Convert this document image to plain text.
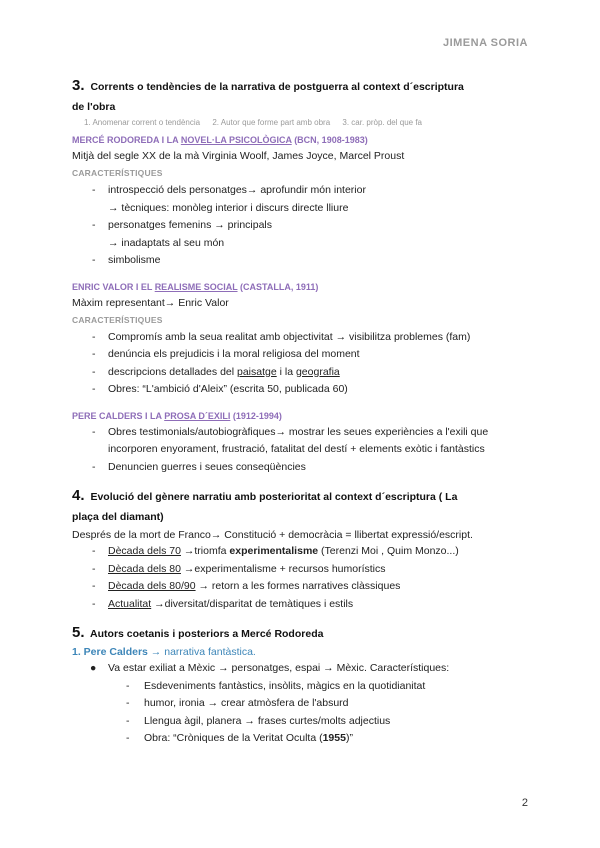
JIMENA SORIA

3. Corrents o tendències de la narrativa de postguerra al context d´escriptura

de l'obra

1. Anomenar corrent o tendència 2. Autor que forme part amb obra 3. car. pròp. del que fa

MERCÉ RODOREDA I LA NOVEL·LA PSICOLÒGICA (BCN, 1908-1983)

Mitjà del segle XX de la mà Virginia Woolf, James Joyce, Marcel Proust

CARACTERÍSTIQUES

- introspecció dels personatges→ aprofundir món interior
→ tècniques: monòleg interior i discurs directe lliure
- personatges femenins → principals
→ inadaptats al seu món
- simbolisme

ENRIC VALOR I EL REALISME SOCIAL (CASTALLA, 1911)

Màxim representant→ Enric Valor

CARACTERÍSTIQUES

- Compromís amb la seua realitat amb objectivitat → visibilitza problemes (fam)
- denúncia els prejudicis i la moral religiosa del moment
- descripcions detallades del paisatge i la geografia
- Obres: “L'ambició d'Aleix” (escrita 50, publicada 60)

PERE CALDERS I LA PROSA D´EXILI (1912-1994)

- Obres testimonials/autobiogràfiques→ mostrar les seues experiències a l'exili que
incorporen enyorament, frustració, fatalitat del destí + elements exòtic i fantàstics
- Denuncien guerres i seues conseqüències

4. Evolució del gènere narratiu amb posterioritat al context d´escriptura ( La

plaça del diamant)

Després de la mort de Franco→ Constitució + democràcia = llibertat expressió/escript.

- Dècada dels 70 →triomfa experimentalisme (Terenzi Moi , Quim Monzo...)
- Dècada dels 80 →experimentalisme + recursos humorístics
- Dècada dels 80/90 → retorn a les formes narratives clàssiques
- Actualitat →diversitat/disparitat de temàtiques i estils

5. Autors coetanis i posteriors a Mercé Rodoreda

1. Pere Calders → narrativa fantàstica.

● Va estar exiliat a Mèxic → personatges, espai → Mèxic. Característiques:
- Esdeveniments fantàstics, insòlits, màgics en la quotidianitat
- humor, ironia → crear atmòsfera de l'absurd
- Llengua àgil, planera → frases curtes/molts adjectius
- Obra: “Cròniques de la Veritat Oculta (1955)”
2
